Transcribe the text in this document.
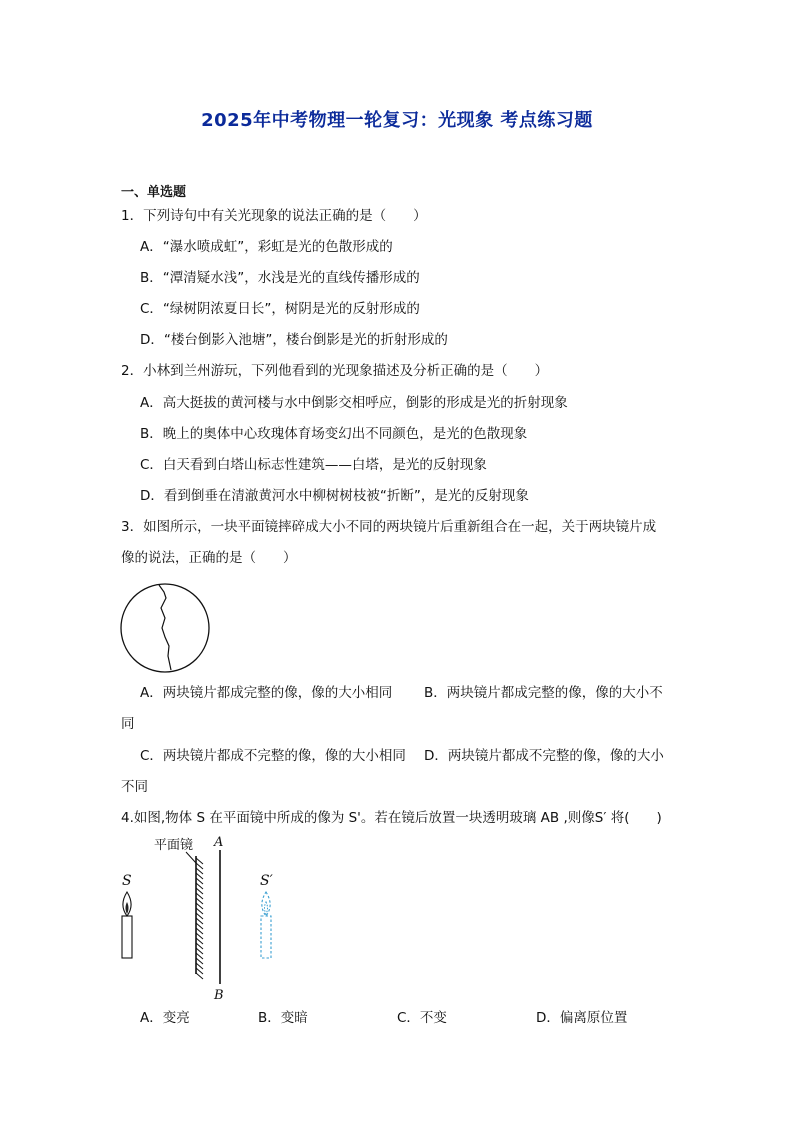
2025年中考物理一轮复习：光现象 考点练习题
一、单选题
1．下列诗句中有关光现象的说法正确的是（　　）
A．“瀑水喷成虹”，彩虹是光的色散形成的
B．“潭清疑水浅”，水浅是光的直线传播形成的
C．“绿树阴浓夏日长”，树阴是光的反射形成的
D．“楼台倒影入池塘”，楼台倒影是光的折射形成的
2．小林到兰州游玩，下列他看到的光现象描述及分析正确的是（　　）
A．高大挺拔的黄河楼与水中倒影交相呼应，倒影的形成是光的折射现象
B．晚上的奥体中心玫瑰体育场变幻出不同颜色，是光的色散现象
C．白天看到白塔山标志性建筑——白塔，是光的反射现象
D．看到倒垂在清澈黄河水中柳树树枝被“折断”，是光的反射现象
3．如图所示，一块平面镜摔碎成大小不同的两块镜片后重新组合在一起，关于两块镜片成
像的说法，正确的是（　　）
A．两块镜片都成完整的像，像的大小相同 B．两块镜片都成完整的像，像的大小不
同
C．两块镜片都成不完整的像，像的大小相同 D．两块镜片都成不完整的像，像的大小
不同
4.如图,物体 S 在平面镜中所成的像为 S'。若在镜后放置一块透明玻璃 AB ,则像S′ 将(　　)
平面镜 A
B
S	S′
A．变亮	B．变暗	C．不变	D．偏离原位置
